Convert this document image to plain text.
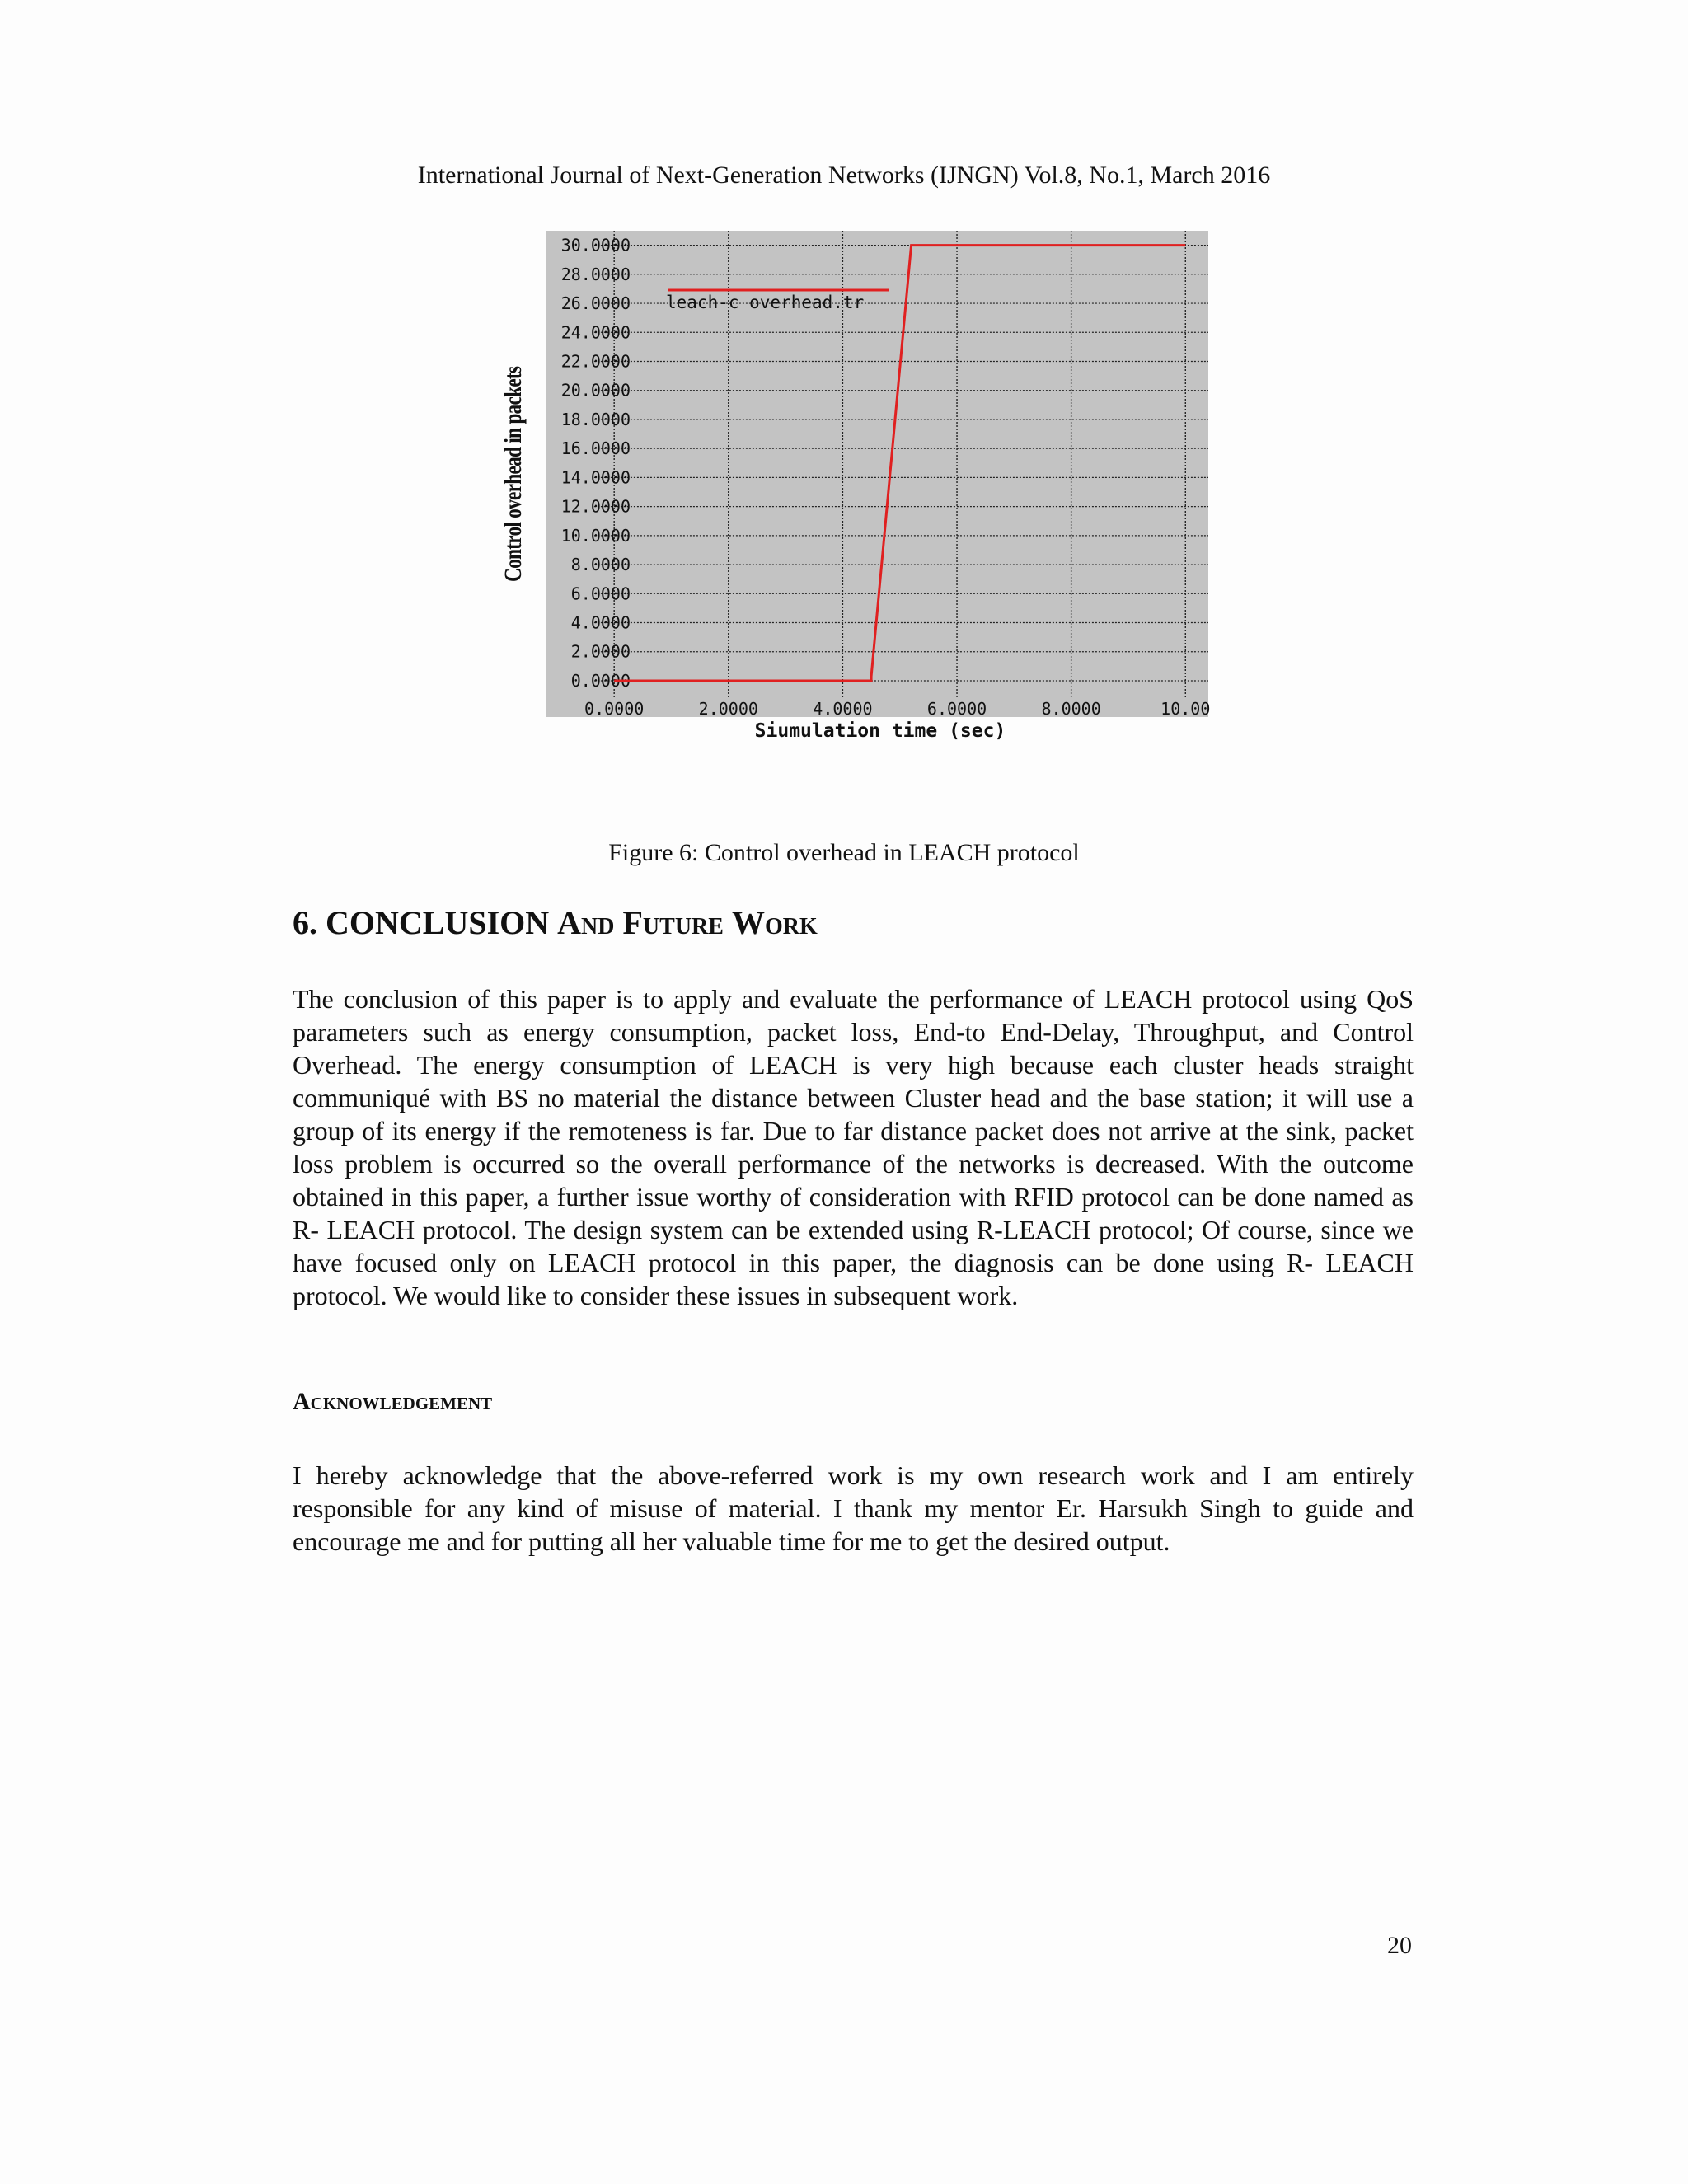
International Journal of Next-Generation Networks (IJNGN) Vol.8, No.1, March 2016
Control overhead in packets
0.0000
2.0000
4.0000
6.0000
8.0000
10.0000
12.0000
14.0000
16.0000
18.0000
20.0000
22.0000
24.0000
26.0000
28.0000
30.0000
0.0000	2.0000	4.0000	6.0000	8.0000	10.00
leach-c_overhead.tr
Siumulation time (sec)
Figure 6: Control overhead in LEACH protocol
6. CONCLUSION And Future Work

The conclusion of this paper is to apply and evaluate the performance of LEACH protocol using QoS parameters such as energy consumption, packet loss, End-to End-Delay, Throughput, and Control Overhead. The energy consumption of LEACH is very high because each cluster heads straight communiqué with BS no material the distance between Cluster head and the base station; it will use a group of its energy if the remoteness is far. Due to far distance packet does not arrive at the sink, packet loss problem is occurred so the overall performance of the networks is decreased. With the outcome obtained in this paper, a further issue worthy of consideration with RFID protocol can be done named as R- LEACH protocol. The design system can be extended using R-LEACH protocol; Of course, since we have focused only on LEACH protocol in this paper, the diagnosis can be done using R- LEACH protocol. We would like to consider these issues in subsequent work.

Acknowledgement

I hereby acknowledge that the above-referred work is my own research work and I am entirely responsible for any kind of misuse of material. I thank my mentor Er. Harsukh Singh to guide and encourage me and for putting all her valuable time for me to get the desired output.

20
